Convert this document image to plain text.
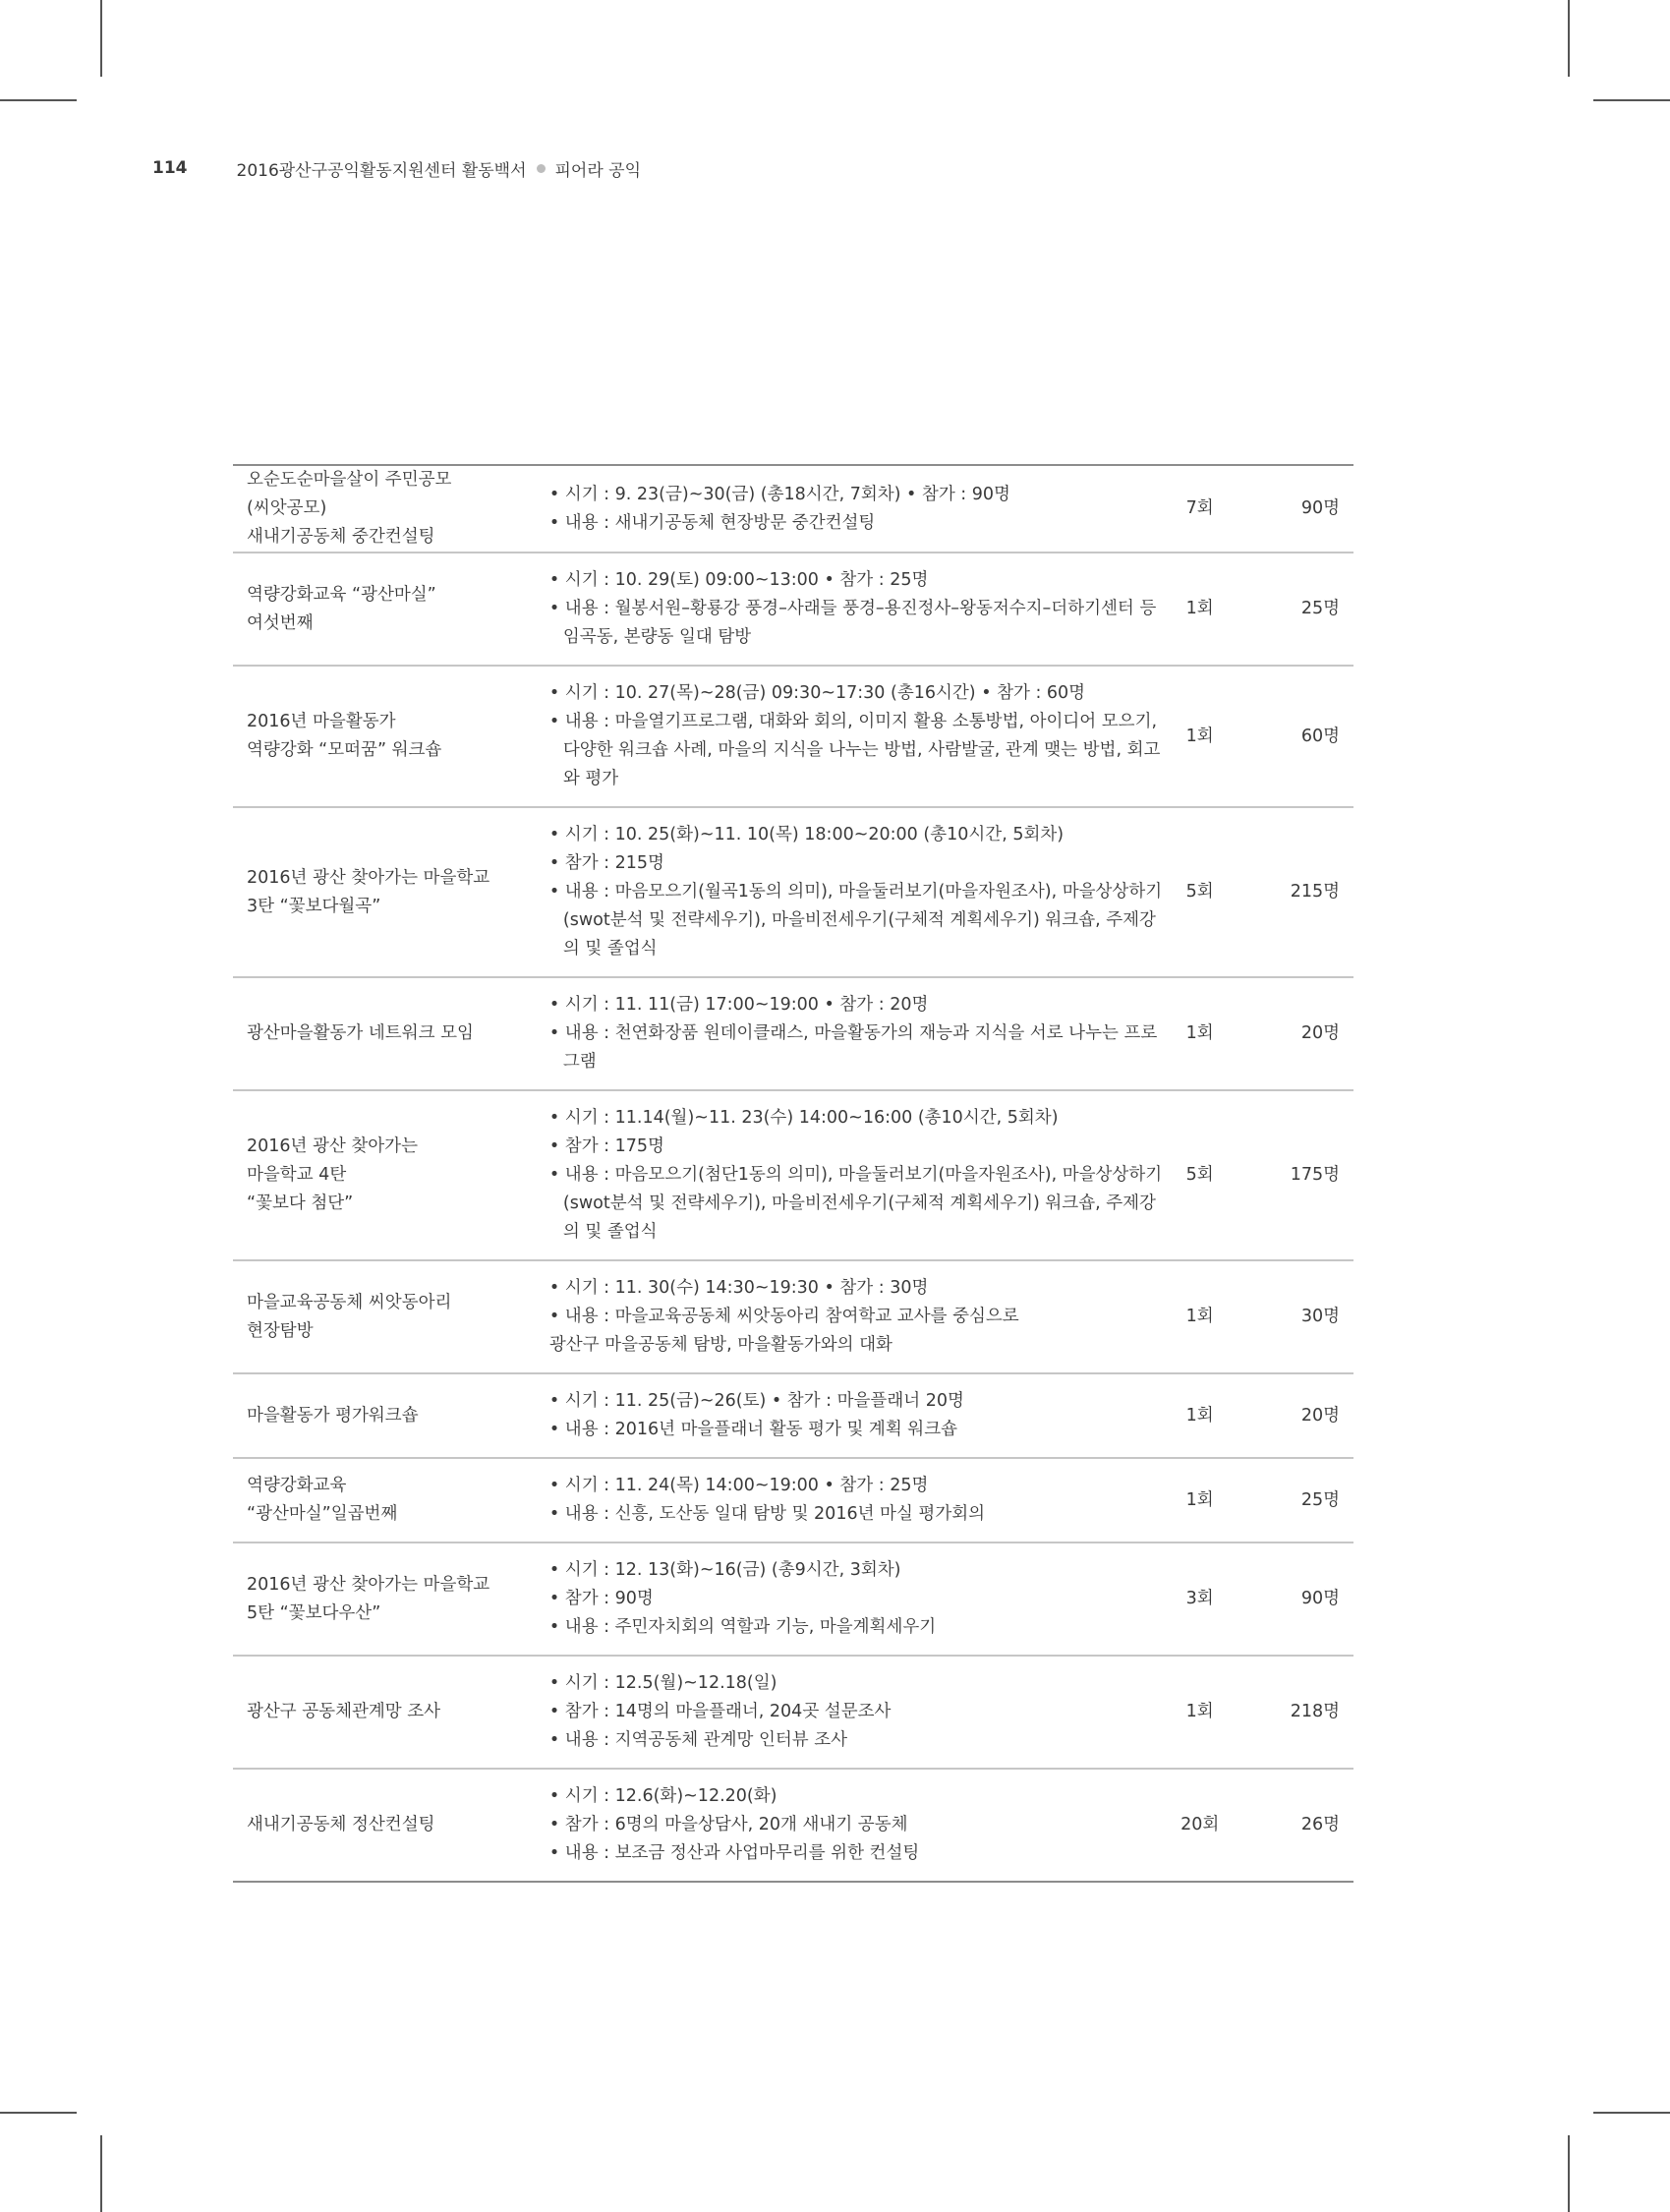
114	2016광산구공익활동지원센터 활동백서 피어라 공익
오순도순마을살이 주민공모
(씨앗공모)
새내기공동체 중간컨설팅	• 시기 : 9. 23(금)~30(금) (총18시간, 7회차) • 참가 : 90명
• 내용 : 새내기공동체 현장방문 중간컨설팅	7회	90명

역량강화교육 “광산마실”
여섯번째	• 시기 : 10. 29(토) 09:00~13:00 • 참가 : 25명
• 내용 : 월봉서원–황룡강 풍경–사래들 풍경–용진정사–왕동저수지–더하기센터 등 임곡동, 본량동 일대 탐방	1회	25명

2016년 마을활동가
역량강화 “모떠꿈” 워크숍	• 시기 : 10. 27(목)~28(금) 09:30~17:30 (총16시간) • 참가 : 60명
• 내용 : 마을열기프로그램, 대화와 회의, 이미지 활용 소통방법, 아이디어 모으기, 다양한 워크숍 사례, 마을의 지식을 나누는 방법, 사람발굴, 관계 맺는 방법, 회고와 평가	1회	60명

2016년 광산 찾아가는 마을학교
3탄 “꽃보다월곡”	• 시기 : 10. 25(화)~11. 10(목) 18:00~20:00 (총10시간, 5회차)
• 참가 : 215명
• 내용 : 마음모으기(월곡1동의 의미), 마을둘러보기(마을자원조사), 마을상상하기(swot분석 및 전략세우기), 마을비전세우기(구체적 계획세우기) 워크숍, 주제강의 및 졸업식	5회	215명

광산마을활동가 네트워크 모임	• 시기 : 11. 11(금) 17:00~19:00 • 참가 : 20명
• 내용 : 천연화장품 원데이클래스, 마을활동가의 재능과 지식을 서로 나누는 프로그램	1회	20명

2016년 광산 찾아가는
마을학교 4탄
“꽃보다 첨단”	• 시기 : 11.14(월)~11. 23(수) 14:00~16:00 (총10시간, 5회차)
• 참가 : 175명
• 내용 : 마음모으기(첨단1동의 의미), 마을둘러보기(마을자원조사), 마을상상하기(swot분석 및 전략세우기), 마을비전세우기(구체적 계획세우기) 워크숍, 주제강의 및 졸업식	5회	175명

마을교육공동체 씨앗동아리
현장탐방	• 시기 : 11. 30(수) 14:30~19:30 • 참가 : 30명
• 내용 : 마을교육공동체 씨앗동아리 참여학교 교사를 중심으로
광산구 마을공동체 탐방, 마을활동가와의 대화	1회	30명

마을활동가 평가워크숍	• 시기 : 11. 25(금)~26(토) • 참가 : 마을플래너 20명
• 내용 : 2016년 마을플래너 활동 평가 및 계획 워크숍	1회	20명

역량강화교육
“광산마실”일곱번째	• 시기 : 11. 24(목) 14:00~19:00 • 참가 : 25명
• 내용 : 신흥, 도산동 일대 탐방 및 2016년 마실 평가회의	1회	25명

2016년 광산 찾아가는 마을학교
5탄 “꽃보다우산”	• 시기 : 12. 13(화)~16(금) (총9시간, 3회차)
• 참가 : 90명
• 내용 : 주민자치회의 역할과 기능, 마을계획세우기	3회	90명

광산구 공동체관계망 조사	• 시기 : 12.5(월)~12.18(일)
• 참가 : 14명의 마을플래너, 204곳 설문조사
• 내용 : 지역공동체 관계망 인터뷰 조사	1회	218명

새내기공동체 정산컨설팅	• 시기 : 12.6(화)~12.20(화)
• 참가 : 6명의 마을상담사, 20개 새내기 공동체
• 내용 : 보조금 정산과 사업마무리를 위한 컨설팅	20회	26명
